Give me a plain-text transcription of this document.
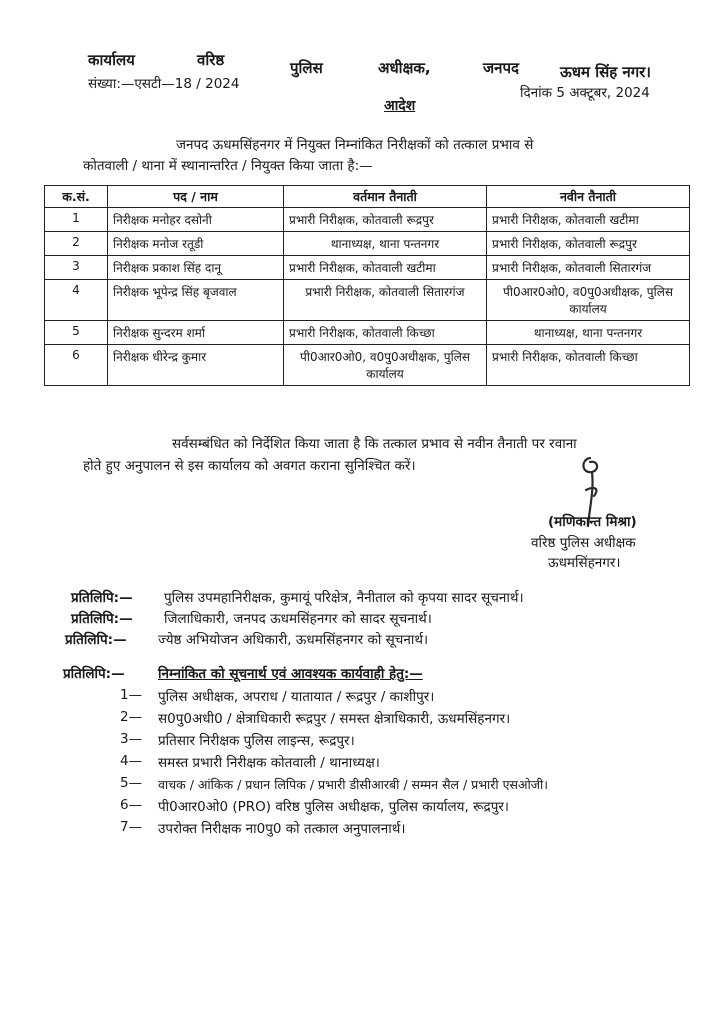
कार्यालय	वरिष्ठ	पुलिस	अधीक्षक,	जनपद	ऊधम सिंह नगर।
संख्या:—एसटी—18 / 2024
दिनांक 5 अक्टूबर, 2024
आदेश
जनपद ऊधमसिंहनगर में नियुक्त निम्नांकित निरीक्षकों को तत्काल प्रभाव से
कोतवाली / थाना में स्थानान्तरित / नियुक्त किया जाता है:—
क.सं.	पद / नाम	वर्तमान तैनाती	नवीन तैनाती
1	निरीक्षक मनोहर दसोनी	प्रभारी निरीक्षक, कोतवाली रूद्रपुर	प्रभारी निरीक्षक, कोतवाली खटीमा
2	निरीक्षक मनोज रतूडी	थानाध्यक्ष, थाना पन्तनगर	प्रभारी निरीक्षक, कोतवाली रूद्रपुर
3	निरीक्षक प्रकाश सिंह दानू	प्रभारी निरीक्षक, कोतवाली खटीमा	प्रभारी निरीक्षक, कोतवाली सितारगंज
4	निरीक्षक भूपेन्द्र सिंह बृजवाल	प्रभारी निरीक्षक, कोतवाली सितारगंज	पी0आर0ओ0, व0पु0अधीक्षक, पुलिस कार्यालय
5	निरीक्षक सुन्दरम शर्मा	प्रभारी निरीक्षक, कोतवाली किच्छा	थानाध्यक्ष, थाना पन्तनगर
6	निरीक्षक धीरेन्द्र कुमार	पी0आर0ओ0, व0पु0अधीक्षक, पुलिस कार्यालय	प्रभारी निरीक्षक, कोतवाली किच्छा
सर्वसम्बंधित को निर्देशित किया जाता है कि तत्काल प्रभाव से नवीन तैनाती पर रवाना
होते हुए अनुपालन से इस कार्यालय को अवगत कराना सुनिश्चित करें।
(मणिकान्त मिश्रा)
वरिष्ठ पुलिस अधीक्षक
ऊधमसिंहनगर।
प्रतिलिपि:— पुलिस उपमहानिरीक्षक, कुमायूं परिक्षेत्र, नैनीताल को कृपया सादर सूचनार्थ।
प्रतिलिपि:— जिलाधिकारी, जनपद ऊधमसिंहनगर को सादर सूचनार्थ।
प्रतिलिपि:— ज्येष्ठ अभियोजन अधिकारी, ऊधमसिंहनगर को सूचनार्थ।
प्रतिलिपि:— निम्नांकित को सूचनार्थ एवं आवश्यक कार्यवाही हेतु:—
1— पुलिस अधीक्षक, अपराध / यातायात / रूद्रपुर / काशीपुर।
2— स0पु0अधी0 / क्षेत्राधिकारी रूद्रपुर / समस्त क्षेत्राधिकारी, ऊधमसिंहनगर।
3— प्रतिसार निरीक्षक पुलिस लाइन्स, रूद्रपुर।
4— समस्त प्रभारी निरीक्षक कोतवाली / थानाध्यक्ष।
5— वाचक / आंकिक / प्रधान लिपिक / प्रभारी डीसीआरबी / सम्मन सैल / प्रभारी एसओजी।
6— पी0आर0ओ0 (PRO) वरिष्ठ पुलिस अधीक्षक, पुलिस कार्यालय, रूद्रपुर।
7— उपरोक्त निरीक्षक ना0पु0 को तत्काल अनुपालनार्थ।
